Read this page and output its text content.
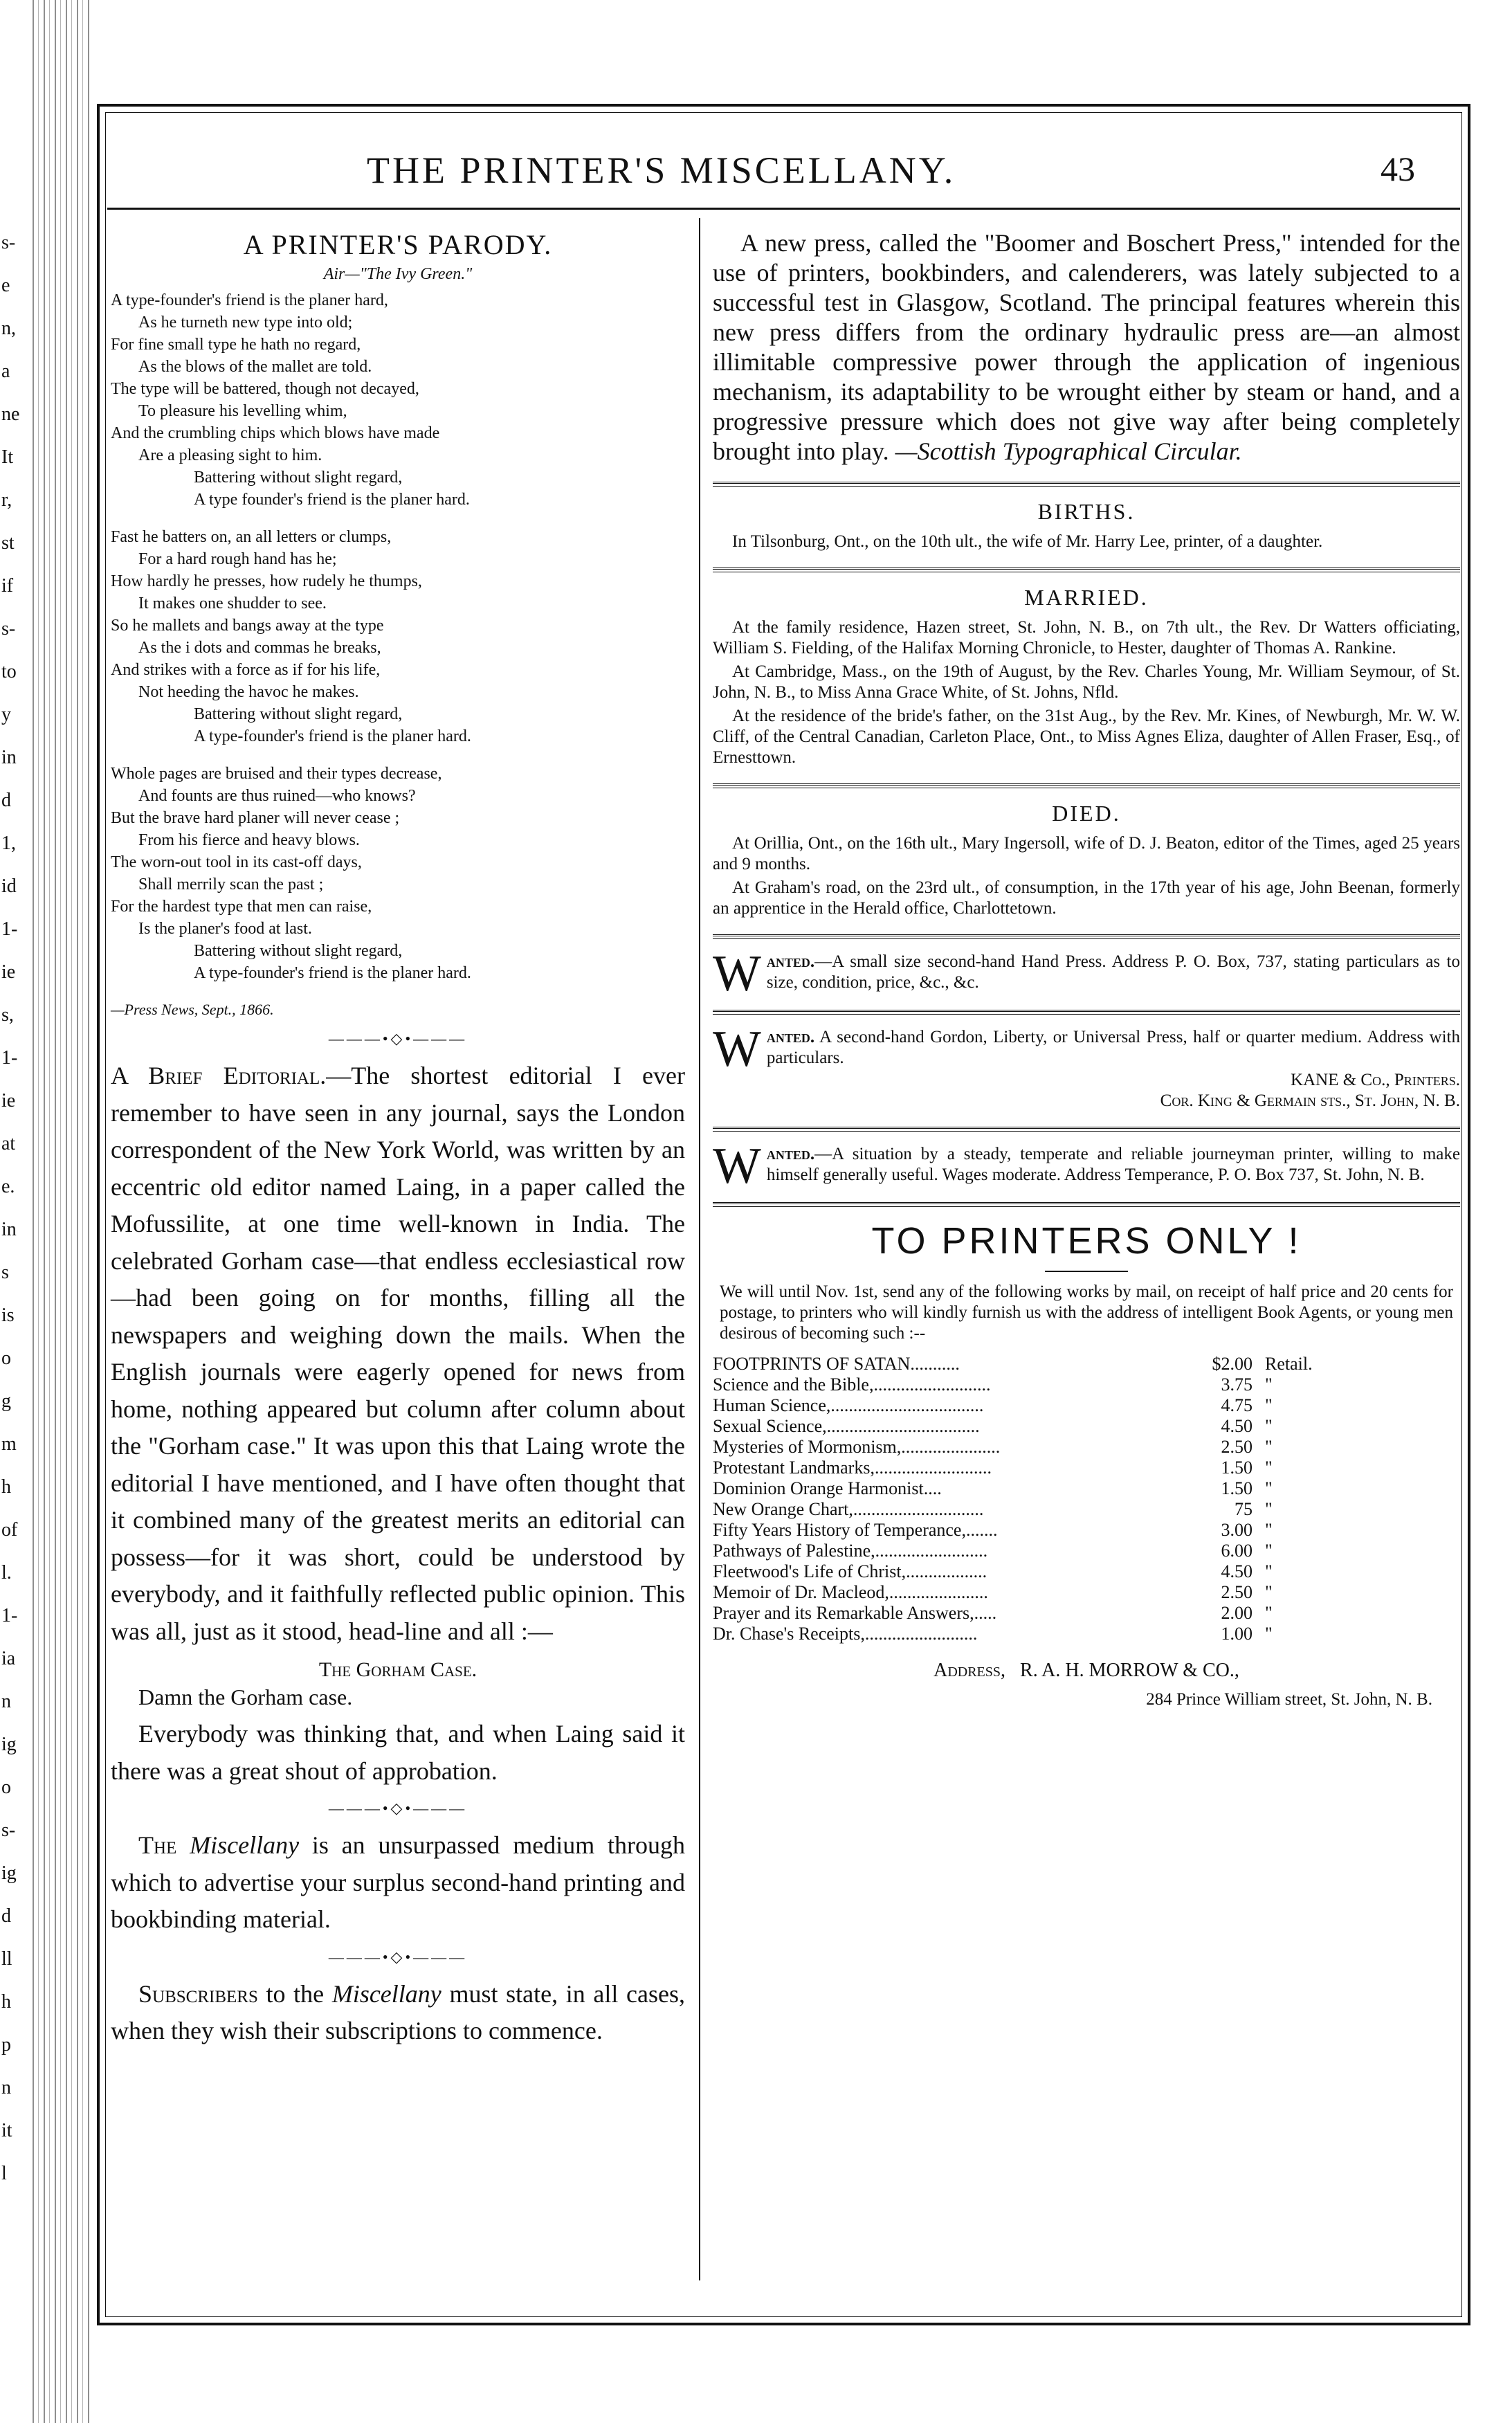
s-
e
n,
a
ne
It
r,
st
if
s-
to
y
in
d
1,
id
1-
ie
s,
1-
ie
at
e.
in
s
is
o
g
m
h
of
l.
1-
ia
n
ig
o
s-
ig
d
ll
h
p
n
it
l
THE PRINTER'S MISCELLANY.	43
A PRINTER'S PARODY.
Air—"The Ivy Green."
A type-founder's friend is the planer hard,
As he turneth new type into old;
For fine small type he hath no regard,
As the blows of the mallet are told.
The type will be battered, though not decayed,
To pleasure his levelling whim,
And the crumbling chips which blows have made
Are a pleasing sight to him.
Battering without slight regard,
A type founder's friend is the planer hard.
Fast he batters on, an all letters or clumps,
For a hard rough hand has he;
How hardly he presses, how rudely he thumps,
It makes one shudder to see.
So he mallets and bangs away at the type
As the i dots and commas he breaks,
And strikes with a force as if for his life,
Not heeding the havoc he makes.
Battering without slight regard,
A type-founder's friend is the planer hard.
Whole pages are bruised and their types decrease,
And founts are thus ruined—who knows?
But the brave hard planer will never cease ;
From his fierce and heavy blows.
The worn-out tool in its cast-off days,
Shall merrily scan the past ;
For the hardest type that men can raise,
Is the planer's food at last.
Battering without slight regard,
A type-founder's friend is the planer hard.
—Press News, Sept., 1866.
———•◇•———

A Brief Editorial.—The shortest editorial I ever remember to have seen in any journal, says the London correspondent of the New York World, was written by an eccentric old editor named Laing, in a paper called the Mofussilite, at one time well-known in India. The celebrated Gorham case—that endless ecclesiastical row—had been going on for months, filling all the newspapers and weighing down the mails. When the English journals were eagerly opened for news from home, nothing appeared but column after column about the "Gorham case." It was upon this that Laing wrote the editorial I have mentioned, and I have often thought that it combined many of the greatest merits an editorial can possess—for it was short, could be understood by everybody, and it faithfully reflected public opinion. This was all, just as it stood, head-line and all :—

The Gorham Case.
Damn the Gorham case.

Everybody was thinking that, and when Laing said it there was a great shout of approbation.

———•◇•———

The Miscellany is an unsurpassed medium through which to advertise your surplus second-hand printing and bookbinding material.

———•◇•———

Subscribers to the Miscellany must state, in all cases, when they wish their subscriptions to commence.

A new press, called the "Boomer and Boschert Press," intended for the use of printers, bookbinders, and calenderers, was lately subjected to a successful test in Glasgow, Scotland. The principal features wherein this new press differs from the ordinary hydraulic press are—an almost illimitable compressive power through the application of ingenious mechanism, its adaptability to be wrought either by steam or hand, and a progressive pressure which does not give way after being completely brought into play. —Scottish Typographical Circular.

BIRTHS.

In Tilsonburg, Ont., on the 10th ult., the wife of Mr. Harry Lee, printer, of a daughter.

MARRIED.

At the family residence, Hazen street, St. John, N. B., on 7th ult., the Rev. Dr Watters officiating, William S. Fielding, of the Halifax Morning Chronicle, to Hester, daughter of Thomas A. Rankine.

At Cambridge, Mass., on the 19th of August, by the Rev. Charles Young, Mr. William Seymour, of St. John, N. B., to Miss Anna Grace White, of St. Johns, Nfld.

At the residence of the bride's father, on the 31st Aug., by the Rev. Mr. Kines, of Newburgh, Mr. W. W. Cliff, of the Central Canadian, Carleton Place, Ont., to Miss Agnes Eliza, daughter of Allen Fraser, Esq., of Ernesttown.

DIED.

At Orillia, Ont., on the 16th ult., Mary Ingersoll, wife of D. J. Beaton, editor of the Times, aged 25 years and 9 months.

At Graham's road, on the 23rd ult., of consumption, in the 17th year of his age, John Beenan, formerly an apprentice in the Herald office, Charlottetown.

Wanted.—A small size second-hand Hand Press. Address P. O. Box, 737, stating particulars as to size, condition, price, &c., &c.
Wanted. A second-hand Gordon, Liberty, or Universal Press, half or quarter medium. Address with particulars.
KANE & Co., Printers.
Cor. King & Germain sts., St. John, N. B.
Wanted.—A situation by a steady, temperate and reliable journeyman printer, willing to make himself generally useful. Wages moderate. Address Temperance, P. O. Box 737, St. John, N. B.
TO PRINTERS ONLY !

We will until Nov. 1st, send any of the following works by mail, on receipt of half price and 20 cents for postage, to printers who will kindly furnish us with the address of intelligent Book Agents, or young men desirous of becoming such :--

FOOTPRINTS OF SATAN...........	$2.00	Retail.
Science and the Bible,..........................	3.75	"
Human Science,..................................	4.75	"
Sexual Science,..................................	4.50	"
Mysteries of Mormonism,......................	2.50	"
Protestant Landmarks,..........................	1.50	"
Dominion Orange Harmonist....	1.50	"
New Orange Chart,.............................	75	"
Fifty Years History of Temperance,.......	3.00	"
Pathways of Palestine,.........................	6.00	"
Fleetwood's Life of Christ,..................	4.50	"
Memoir of Dr. Macleod,......................	2.50	"
Prayer and its Remarkable Answers,.....	2.00	"
Dr. Chase's Receipts,.........................	1.00	"
Address, R. A. H. MORROW & CO.,
284 Prince William street, St. John, N. B.
